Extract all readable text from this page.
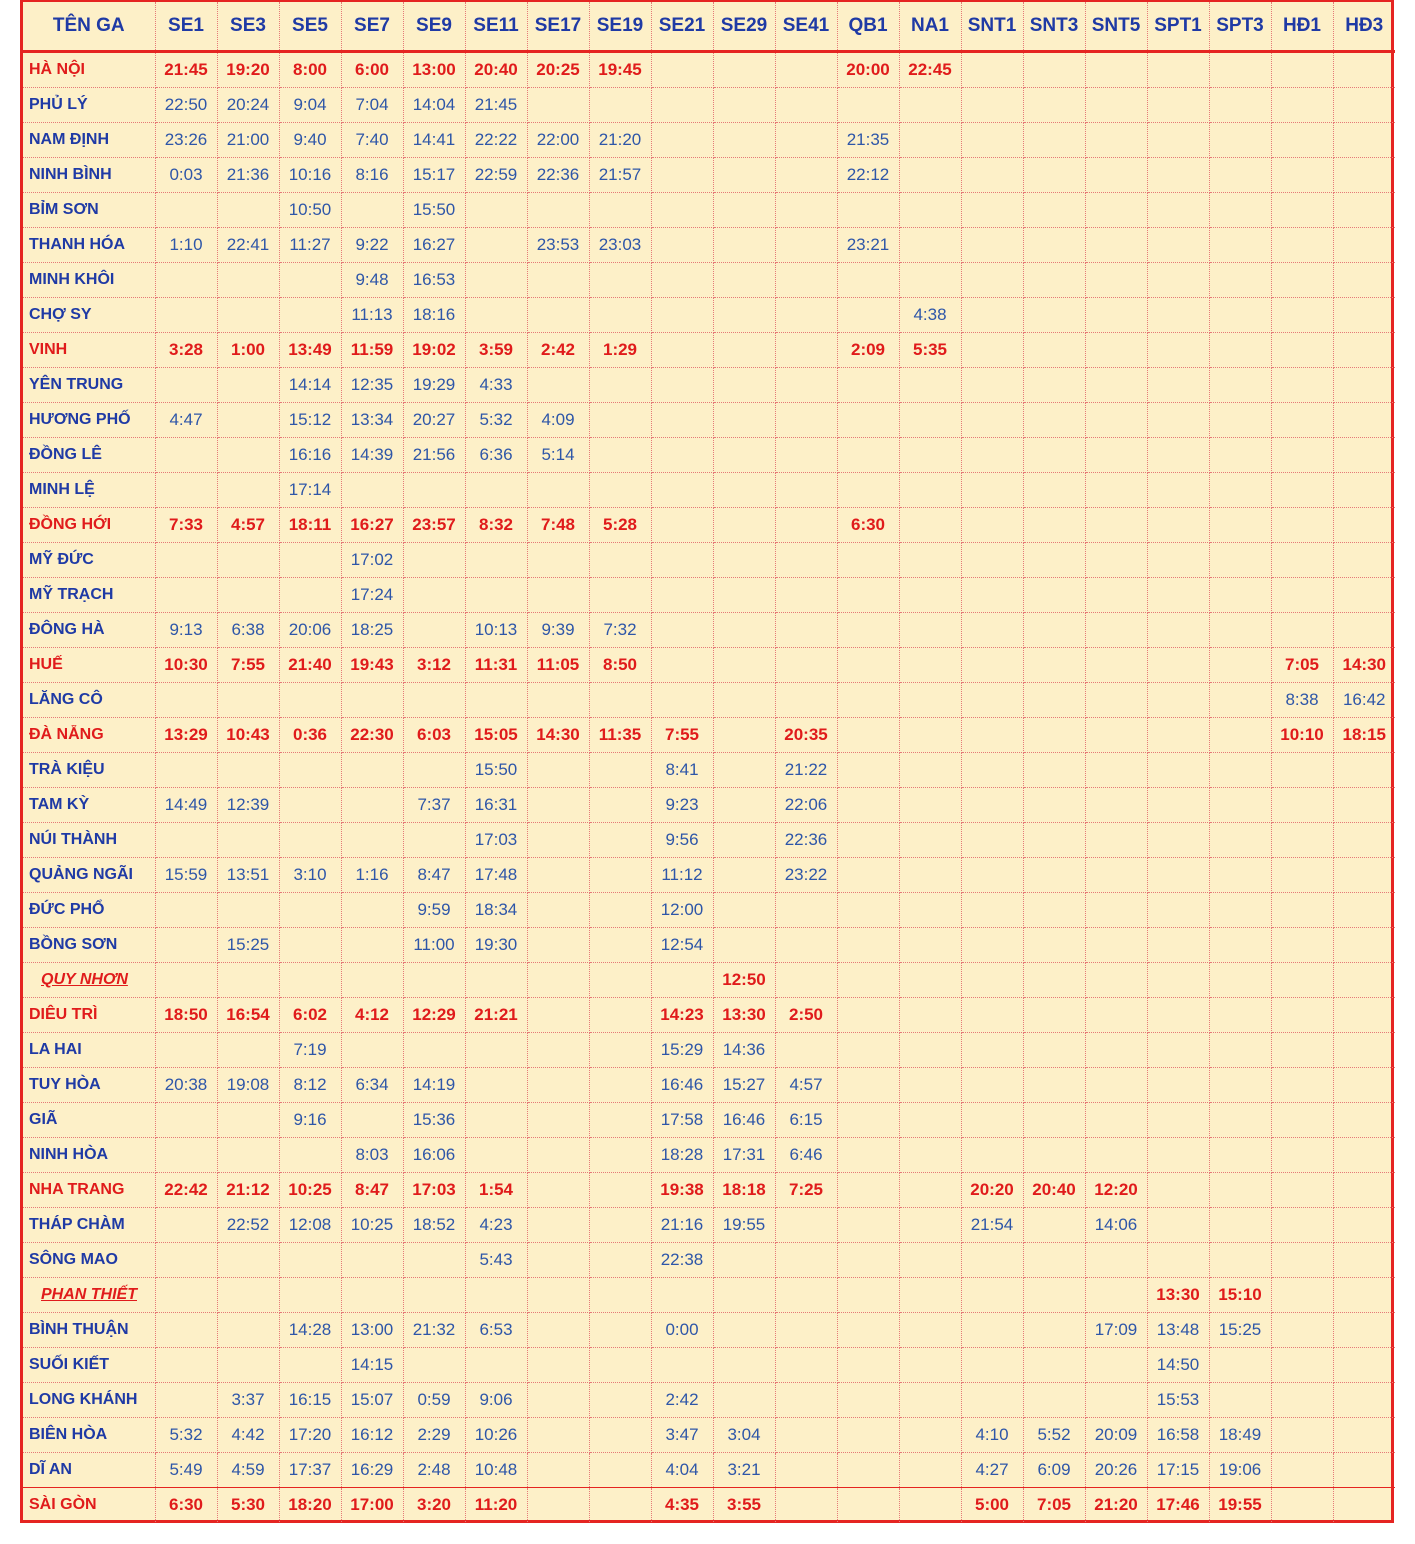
TÊN GA	SE1	SE3	SE5	SE7	SE9	SE11	SE17	SE19	SE21	SE29	SE41	QB1	NA1	SNT1	SNT3	SNT5	SPT1	SPT3	HĐ1	HĐ3
HÀ NỘI	21:45	19:20	8:00	6:00	13:00	20:40	20:25	19:45				20:00	22:45							
PHỦ LÝ	22:50	20:24	9:04	7:04	14:04	21:45														
NAM ĐỊNH	23:26	21:00	9:40	7:40	14:41	22:22	22:00	21:20				21:35								
NINH BÌNH	0:03	21:36	10:16	8:16	15:17	22:59	22:36	21:57				22:12								
BỈM SƠN			10:50		15:50															
THANH HÓA	1:10	22:41	11:27	9:22	16:27		23:53	23:03				23:21								
MINH KHÔI				9:48	16:53															
CHỢ SY				11:13	18:16								4:38							
VINH	3:28	1:00	13:49	11:59	19:02	3:59	2:42	1:29				2:09	5:35							
YÊN TRUNG			14:14	12:35	19:29	4:33														
HƯƠNG PHỐ	4:47		15:12	13:34	20:27	5:32	4:09													
ĐỒNG LÊ			16:16	14:39	21:56	6:36	5:14													
MINH LỆ			17:14																	
ĐỒNG HỚI	7:33	4:57	18:11	16:27	23:57	8:32	7:48	5:28				6:30								
MỸ ĐỨC				17:02																
MỸ TRẠCH				17:24																
ĐÔNG HÀ	9:13	6:38	20:06	18:25		10:13	9:39	7:32												
HUẾ	10:30	7:55	21:40	19:43	3:12	11:31	11:05	8:50											7:05	14:30
LĂNG CÔ																			8:38	16:42
ĐÀ NẴNG	13:29	10:43	0:36	22:30	6:03	15:05	14:30	11:35	7:55		20:35								10:10	18:15
TRÀ KIỆU						15:50			8:41		21:22									
TAM KỲ	14:49	12:39			7:37	16:31			9:23		22:06									
NÚI THÀNH						17:03			9:56		22:36									
QUẢNG NGÃI	15:59	13:51	3:10	1:16	8:47	17:48			11:12		23:22									
ĐỨC PHỔ					9:59	18:34			12:00											
BỒNG SƠN		15:25			11:00	19:30			12:54											
QUY NHƠN										12:50										
DIÊU TRÌ	18:50	16:54	6:02	4:12	12:29	21:21			14:23	13:30	2:50									
LA HAI			7:19						15:29	14:36										
TUY HÒA	20:38	19:08	8:12	6:34	14:19				16:46	15:27	4:57									
GIÃ			9:16		15:36				17:58	16:46	6:15									
NINH HÒA				8:03	16:06				18:28	17:31	6:46									
NHA TRANG	22:42	21:12	10:25	8:47	17:03	1:54			19:38	18:18	7:25			20:20	20:40	12:20				
THÁP CHÀM		22:52	12:08	10:25	18:52	4:23			21:16	19:55				21:54		14:06				
SÔNG MAO						5:43			22:38											
PHAN THIẾT																	13:30	15:10		
BÌNH THUẬN			14:28	13:00	21:32	6:53			0:00							17:09	13:48	15:25		
SUỐI KIẾT				14:15													14:50			
LONG KHÁNH		3:37	16:15	15:07	0:59	9:06			2:42								15:53			
BIÊN HÒA	5:32	4:42	17:20	16:12	2:29	10:26			3:47	3:04				4:10	5:52	20:09	16:58	18:49		
DĨ AN	5:49	4:59	17:37	16:29	2:48	10:48			4:04	3:21				4:27	6:09	20:26	17:15	19:06		
SÀI GÒN	6:30	5:30	18:20	17:00	3:20	11:20			4:35	3:55				5:00	7:05	21:20	17:46	19:55		
